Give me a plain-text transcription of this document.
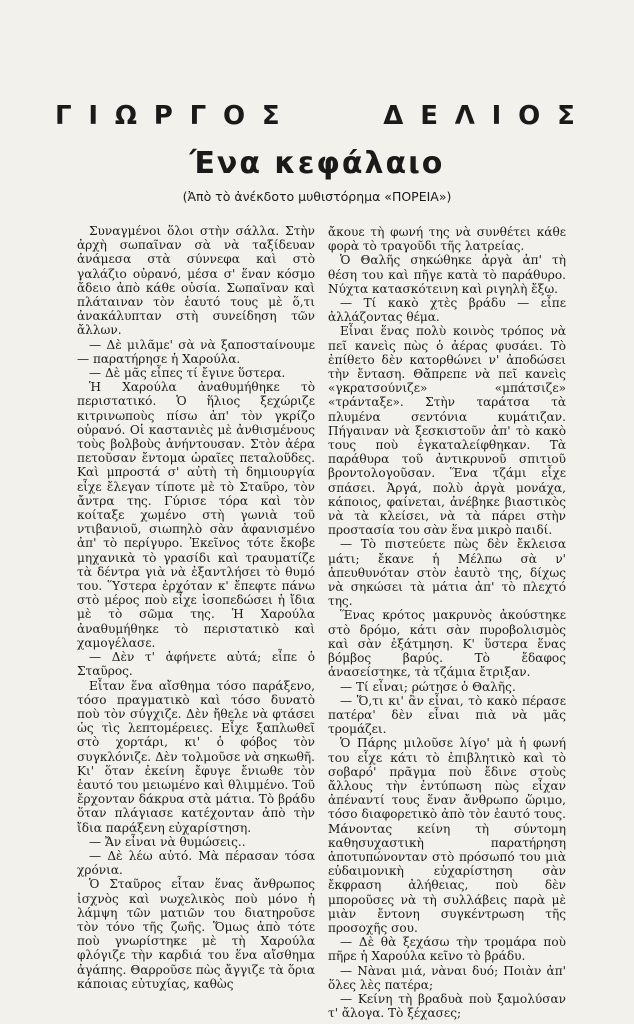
Γ Ι Ω Ρ Γ Ο Σ	Δ Ε Λ Ι Ο Σ
Ένα κεφάλαιο
(Ἀπὸ τὸ ἀνέκδοτο μυθιστόρημα «ΠΟΡΕΙΑ»)

Συναγμένοι ὅλοι στὴν σάλλα. Στὴν ἀρχὴ σωπαῖναν σὰ νὰ ταξίδευαν ἀνάμεσα στὰ σύννεφα καὶ στὸ γαλάζιο οὐρανό, μέσα σ' ἕναν κόσμο ἄδειο ἀπὸ κάθε οὐσία. Σωπαῖναν καὶ πλάταιναν τὸν ἑαυτό τους μὲ ὅ,τι ἀνακάλυπταν στὴ συνείδηση τῶν ἄλλων.

— Δὲ μιλᾶμε' σὰ νὰ ξαποσταίνουμε— παρατήρησε ἡ Χαρούλα.

— Δὲ μᾶς εἶπες τί ἔγινε ὕστερα.

Ἡ Χαρούλα ἀναθυμήθηκε τὸ περιστατικό. Ὁ ἥλιος ξεχώριζε κιτρινωποὺς πίσω ἀπ' τὸν γκρίζο οὐρανό. Οἱ καστανιὲς μὲ ἀνθισμένους τοὺς βολβοὺς ἀνήντουσαν. Στὸν ἀέρα πετοῦσαν ἔντομα ὡραῖες πεταλοῦδες. Καὶ μπροστά σ' αὐτὴ τὴ δημιουργία εἶχε ἔλεγαν τίποτε μὲ τὸ Σταῦρο, τὸν ἄντρα της. Γύρισε τόρα καὶ τὸν κοίταξε χωμένο στὴ γωνιὰ τοῦ ντιβανιοῦ, σιωπηλὸ σὰν ἀφανισμένο ἀπ' τὸ περίγυρο. Ἐκεῖνος τότε ἔκοβε μηχανικὰ τὸ γρασίδι καὶ τραυματίζε τὰ δέντρα γιὰ νὰ ἐξαντλήσει τὸ θυμό του. Ὕστερα ἐρχόταν κ' ἔπεφτε πάνω στὸ μέρος ποὺ εἶχε ἰσοπεδώσει ἡ ἴδια μὲ τὸ σῶμα της. Ἡ Χαρούλα ἀναθυμήθηκε τὸ περιστατικὸ καὶ χαμογέλασε.

— Δὲν τ' ἀφήνετε αὐτά; εἶπε ὁ Σταῦρος.

Εἶταν ἕνα αἴσθημα τόσο παράξενο, τόσο πραγματικὸ καὶ τόσο δυνατὸ ποὺ τὸν σύγχιζε. Δὲν ἤθελε νὰ φτάσει ὡς τὶς λεπτομέρειες. Εἶχε ξαπλωθεῖ στὸ χορτάρι, κι' ὁ φόβος τὸν συγκλόνιζε. Δὲν τολμοῦσε νὰ σηκωθῆ. Κι' ὅταν ἐκείνη ἔφυγε ἔνιωθε τὸν ἑαυτό του μειωμένο καὶ θλιμμένο. Τοῦ ἔρχονταν δάκρυα στὰ μάτια. Τὸ βράδυ ὅταν πλάγιασε κατέχονταν ἀπὸ τὴν ἴδια παράξενη εὐχαρίστηση.

— Ἄν εἶναι νὰ θυμώσεις..

— Δὲ λέω αὐτό. Μὰ πέρασαν τόσα χρόνια.

Ὁ Σταῦρος εἶταν ἕνας ἄνθρωπος ἰσχνὸς καὶ νωχελικὸς ποὺ μόνο ἡ λάμψη τῶν ματιῶν του διατηροῦσε τὸν τόνο τῆς ζωῆς. Ὅμως ἀπὸ τότε ποὺ γνωρίστηκε μὲ τὴ Χαρούλα φλόγιζε τὴν καρδιά του ἕνα αἴσθημα ἀγάπης. Θαρροῦσε πὼς ἄγγιζε τὰ ὅρια κάποιας εὐτυχίας, καθὼς

ἄκουε τὴ φωνή της νὰ συνθέτει κάθε φορὰ τὸ τραγοῦδι τῆς λατρείας.

Ὁ Θαλῆς σηκώθηκε ἀργὰ ἀπ' τὴ θέση του καὶ πῆγε κατὰ τὸ παράθυρο. Νύχτα κατασκότεινη καὶ ριγηλὴ ἔξω.

— Τί κακὸ χτὲς βράδυ — εἶπε ἀλλάζοντας θέμα.

Εἶναι ἕνας πολὺ κοινὸς τρόπος νὰ πεῖ κανεὶς πὼς ὁ ἀέρας φυσάει. Τὸ ἐπίθετο δὲν κατορθώνει ν' ἀποδώσει τὴν ἔνταση. Θἄπρεπε νὰ πεῖ κανεὶς «γκρατσούνιζε» «μπάτσιζε» «τράνταξε». Στὴν ταράτσα τὰ πλυμένα σεντόνια κυμάτιζαν. Πήγαιναν νὰ ξεσκιστοῦν ἀπ' τὸ κακὸ τους ποὺ ἐγκαταλείφθηκαν. Τὰ παράθυρα τοῦ ἀντικρυνοῦ σπιτιοῦ βροντολογοῦσαν. Ἕνα τζάμι εἶχε σπάσει. Ἀργά, πολὺ ἀργὰ μονάχα, κάποιος, φαίνεται, ἀνέβηκε βιαστικὸς νὰ τὰ κλείσει, νὰ τὰ πάρει στὴν προστασία του σὰν ἕνα μικρὸ παιδί.

— Τὸ πιστεύετε πὼς δὲν ἔκλεισα μάτι; ἔκανε ἡ Μέλπω σὰ ν' ἀπευθυνόταν στὸν ἑαυτὸ της, δίχως νὰ σηκώσει τὰ μάτια ἀπ' τὸ πλεχτό της.

Ἕνας κρότος μακρυνὸς ἀκούστηκε στὸ δρόμο, κάτι σὰν πυροβολισμὸς καὶ σὰν ἐξάτμηση. Κ' ὕστερα ἕνας βόμβος βαρύς. Τὸ ἔδαφος ἀνασείστηκε, τὰ τζάμια ἔτριξαν.

— Τί εἶναι; ρώτησε ὁ Θαλῆς.

— Ὅ,τι κι' ἂν εἶναι, τὸ κακὸ πέρασε πατέρα' δὲν εἶναι πιὰ νὰ μᾶς τρομάζει.

Ὁ Πάρης μιλοῦσε λίγο' μὰ ἡ φωνή του εἶχε κάτι τὸ ἐπιβλητικὸ καὶ τὸ σοβαρό' πρᾶγμα ποὺ ἔδινε στοὺς ἄλλους τὴν ἐντύπωση πὼς εἶχαν ἀπέναντί τους ἕναν ἄνθρωπο ὥριμο, τόσο διαφορετικὸ ἀπὸ τὸν ἑαυτό τους. Μάνοντας κείνη τὴ σύντομη καθησυχαστικὴ παρατήρηση ἀποτυπώνονταν στὸ πρόσωπό του μιὰ εὐδαιμονικὴ εὐχαρίστηση σὰν ἔκφραση ἀλήθειας, ποὺ δὲν μποροῦσες νὰ τὴ συλλάβεις παρὰ μὲ μιὰν ἔντονη συγκέντρωση τῆς προσοχῆς σου.

— Δὲ θὰ ξεχάσω τὴν τρομάρα ποὺ πῆρε ἡ Χαρούλα κεῖνο τὸ βράδυ.

— Νὰναι μιά, νὰναι δυό; Ποιὰν ἀπ' ὅλες λὲς πατέρα;

— Κείνη τὴ βραδυὰ ποὺ ξαμολύσαν τ' ἄλογα. Τὸ ξέχασες;
